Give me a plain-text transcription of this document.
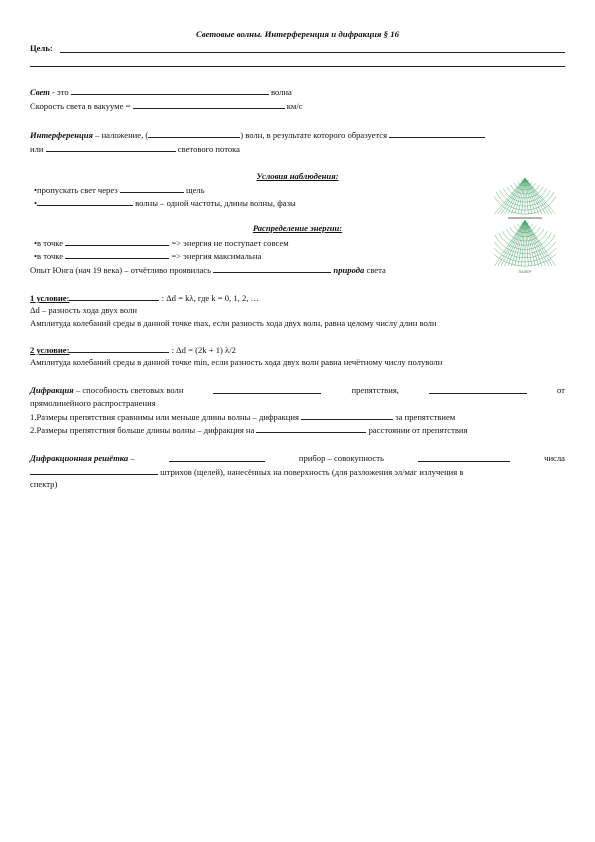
Световые волны. Интерференция и дифракция § 16
Цель:
Свет - это	волна
Скорость света в вакууме =	км/с
Интерференция – наложение, (	) волн, в результате которого образуется
или	светового потока
Условия наблюдения:
•пропускать свет через	щель
•	волны – одной частоты, длины волны, фазы
Распределение энергии:
•в точке	=> энергия не поступает совсем
•в точке	=> энергия максимальна
Опыт Юнга (нач 19 века) – отчётливо проявилась	природа света	ЛАЗЕР
1 условие:	: Δd = kλ, где k = 0, 1, 2, …
Δd – разность хода двух волн
Амплитуда колебаний среды в данной точке max, если разность хода двух волн, равна целому числу длин волн
2 условие:	: Δd = (2k + 1) λ/2
Амплитуда колебаний среды в данной точке min, если разность хода двух волн равна нечётному числу полуволн
Дифракция – способность световых волн	препятствия,	от
прямолинейного распространения
1.Размеры препятствия сравнимы или меньше длины волны – дифракция	за препятствием
2.Размеры препятствия больше длины волны – дифракция на	расстоянии от препятствия
Дифракционная решётка –	прибор – совокупность	числа
штрихов (щелей), нанесённых на поверхность (для разложения эл/маг излучения в
спектр)
